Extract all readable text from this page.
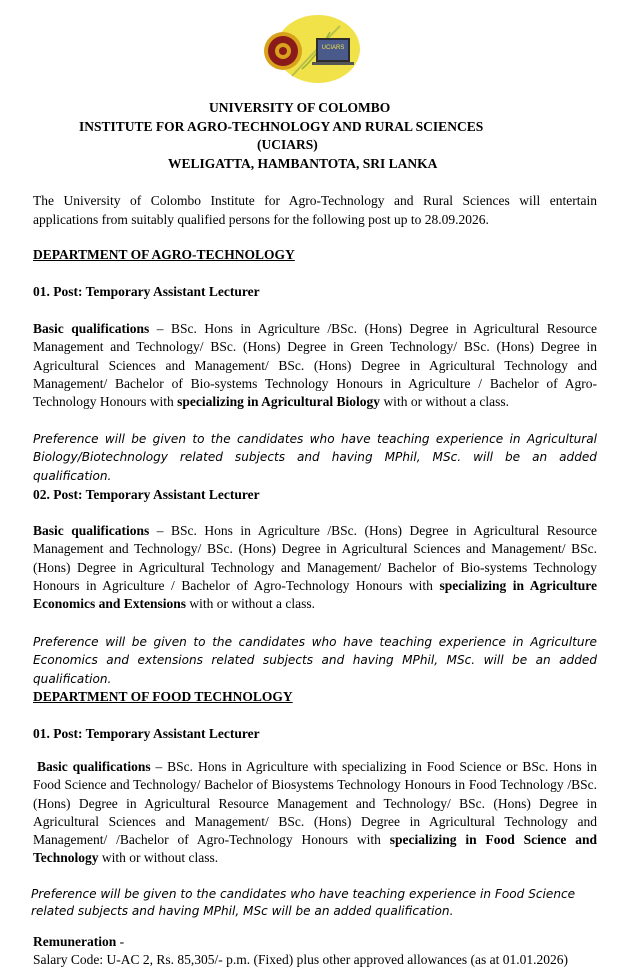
UCIARS
UNIVERSITY OF COLOMBO
INSTITUTE FOR AGRO-TECHNOLOGY AND RURAL SCIENCES
(UCIARS)
WELIGATTA, HAMBANTOTA, SRI LANKA
The University of Colombo Institute for Agro-Technology and Rural Sciences will entertain applications from suitably qualified persons for the following post up to 28.09.2026.
DEPARTMENT OF AGRO-TECHNOLOGY
01. Post: Temporary Assistant Lecturer
Basic qualifications – BSc. Hons in Agriculture /BSc. (Hons) Degree in Agricultural Resource Management and Technology/ BSc. (Hons) Degree in Green Technology/ BSc. (Hons) Degree in Agricultural Sciences and Management/ BSc. (Hons) Degree in Agricultural Technology and Management/ Bachelor of Bio-systems Technology Honours in Agriculture / Bachelor of Agro-Technology Honours with specializing in Agricultural Biology with or without a class.
Preference will be given to the candidates who have teaching experience in Agricultural Biology/Biotechnology related subjects and having MPhil, MSc. will be an added qualification.
02. Post: Temporary Assistant Lecturer
Basic qualifications – BSc. Hons in Agriculture /BSc. (Hons) Degree in Agricultural Resource Management and Technology/ BSc. (Hons) Degree in Agricultural Sciences and Management/ BSc. (Hons) Degree in Agricultural Technology and Management/ Bachelor of Bio-systems Technology Honours in Agriculture / Bachelor of Agro-Technology Honours with specializing in Agriculture Economics and Extensions with or without a class.
Preference will be given to the candidates who have teaching experience in Agriculture Economics and extensions related subjects and having MPhil, MSc. will be an added qualification.
DEPARTMENT OF FOOD TECHNOLOGY
01. Post: Temporary Assistant Lecturer
Basic qualifications – BSc. Hons in Agriculture with specializing in Food Science or BSc. Hons in Food Science and Technology/ Bachelor of Biosystems Technology Honours in Food Technology /BSc. (Hons) Degree in Agricultural Resource Management and Technology/ BSc. (Hons) Degree in Agricultural Sciences and Management/ BSc. (Hons) Degree in Agricultural Technology and Management/ /Bachelor of Agro-Technology Honours with specializing in Food Science and Technology with or without class.
Preference will be given to the candidates who have teaching experience in Food Science related subjects and having MPhil, MSc will be an added qualification.
Remuneration -
Salary Code: U-AC 2, Rs. 85,305/- p.m. (Fixed) plus other approved allowances (as at 01.01.2026)
